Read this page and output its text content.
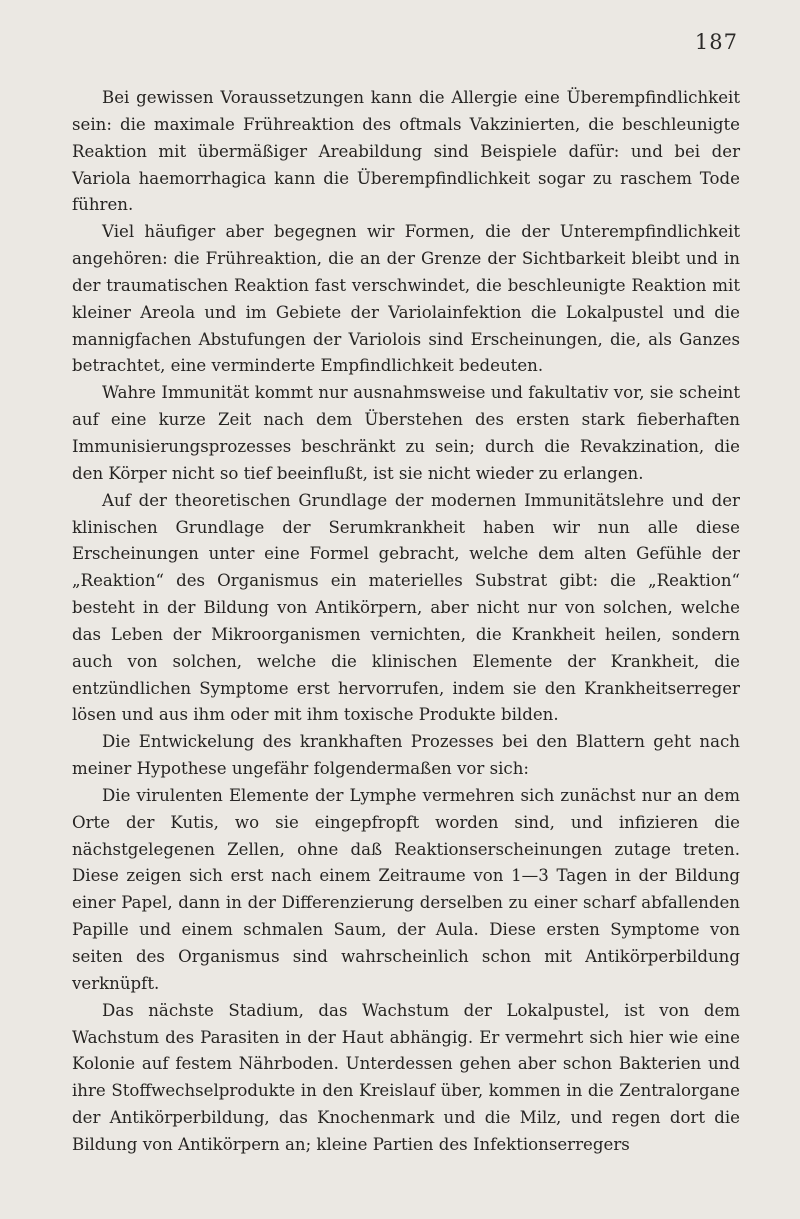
187

Bei gewissen Voraussetzungen kann die Allergie eine Überempfindlichkeit sein: die maximale Frühreaktion des oftmals Vakzinierten, die beschleunigte Reaktion mit übermäßiger Areabildung sind Beispiele dafür: und bei der Variola haemorrhagica kann die Überempfindlichkeit sogar zu raschem Tode führen.

Viel häufiger aber begegnen wir Formen, die der Unterempfindlichkeit angehören: die Frühreaktion, die an der Grenze der Sichtbarkeit bleibt und in der traumatischen Reaktion fast verschwindet, die beschleunigte Reaktion mit kleiner Areola und im Gebiete der Variolainfektion die Lokalpustel und die mannigfachen Abstufungen der Variolois sind Erscheinungen, die, als Ganzes betrachtet, eine verminderte Empfindlichkeit bedeuten.

Wahre Immunität kommt nur ausnahmsweise und fakultativ vor, sie scheint auf eine kurze Zeit nach dem Überstehen des ersten stark fieberhaften Immunisierungsprozesses beschränkt zu sein; durch die Revakzination, die den Körper nicht so tief beeinflußt, ist sie nicht wieder zu erlangen.

Auf der theoretischen Grundlage der modernen Immunitätslehre und der klinischen Grundlage der Serumkrankheit haben wir nun alle diese Erscheinungen unter eine Formel gebracht, welche dem alten Gefühle der „Reaktion“ des Organismus ein materielles Substrat gibt: die „Reaktion“ besteht in der Bildung von Antikörpern, aber nicht nur von solchen, welche das Leben der Mikroorganismen vernichten, die Krankheit heilen, sondern auch von solchen, welche die klinischen Elemente der Krankheit, die entzündlichen Symptome erst hervorrufen, indem sie den Krankheitserreger lösen und aus ihm oder mit ihm toxische Produkte bilden.

Die Entwickelung des krankhaften Prozesses bei den Blattern geht nach meiner Hypothese ungefähr folgendermaßen vor sich:

Die virulenten Elemente der Lymphe vermehren sich zunächst nur an dem Orte der Kutis, wo sie eingepfropft worden sind, und infizieren die nächstgelegenen Zellen, ohne daß Reaktionserscheinungen zutage treten. Diese zeigen sich erst nach einem Zeitraume von 1—3 Tagen in der Bildung einer Papel, dann in der Differenzierung derselben zu einer scharf abfallenden Papille und einem schmalen Saum, der Aula. Diese ersten Symptome von seiten des Organismus sind wahrscheinlich schon mit Antikörperbildung verknüpft.

Das nächste Stadium, das Wachstum der Lokalpustel, ist von dem Wachstum des Parasiten in der Haut abhängig. Er vermehrt sich hier wie eine Kolonie auf festem Nährboden. Unterdessen gehen aber schon Bakterien und ihre Stoffwechselprodukte in den Kreislauf über, kommen in die Zentralorgane der Antikörperbildung, das Knochenmark und die Milz, und regen dort die Bildung von Antikörpern an; kleine Partien des Infektionserregers
